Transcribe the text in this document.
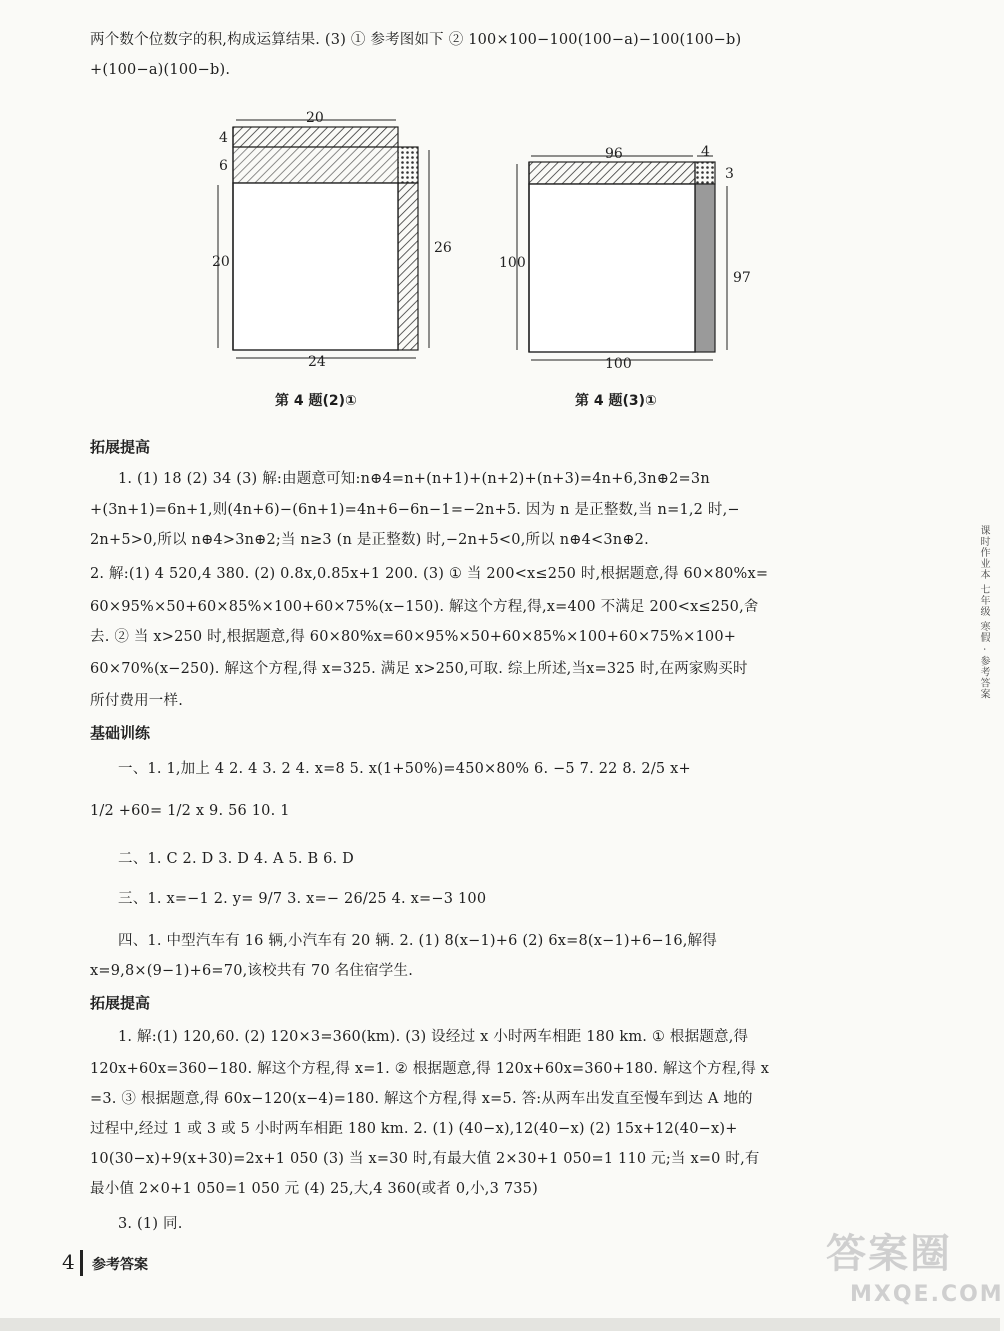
两个数个位数字的积,构成运算结果. (3) ① 参考图如下 ② 100×100−100(100−a)−100(100−b)
+(100−a)(100−b).
20
4
6
20
26
24
第 4 题(2)①
96	4
3
100
97
100
第 4 题(3)①
拓展提高
1. (1) 18 (2) 34 (3) 解:由题意可知:n⊕4=n+(n+1)+(n+2)+(n+3)=4n+6,3n⊕2=3n
+(3n+1)=6n+1,则(4n+6)−(6n+1)=4n+6−6n−1=−2n+5. 因为 n 是正整数,当 n=1,2 时,−
2n+5>0,所以 n⊕4>3n⊕2;当 n≥3 (n 是正整数) 时,−2n+5<0,所以 n⊕4<3n⊕2.
2. 解:(1) 4 520,4 380. (2) 0.8x,0.85x+1 200. (3) ① 当 200<x≤250 时,根据题意,得 60×80%x=
60×95%×50+60×85%×100+60×75%(x−150). 解这个方程,得,x=400 不满足 200<x≤250,舍
去. ② 当 x>250 时,根据题意,得 60×80%x=60×95%×50+60×85%×100+60×75%×100+
60×70%(x−250). 解这个方程,得 x=325. 满足 x>250,可取. 综上所述,当x=325 时,在两家购买时
所付费用一样.
基础训练
一、1. 1,加上 4 2. 4 3. 2 4. x=8 5. x(1+50%)=450×80% 6. −5 7. 22 8. 2/5 x+
1/2 +60= 1/2 x 9. 56 10. 1
二、1. C 2. D 3. D 4. A 5. B 6. D
三、1. x=−1 2. y= 9/7 3. x=− 26/25 4. x=−3 100
四、1. 中型汽车有 16 辆,小汽车有 20 辆. 2. (1) 8(x−1)+6 (2) 6x=8(x−1)+6−16,解得
x=9,8×(9−1)+6=70,该校共有 70 名住宿学生.
拓展提高
1. 解:(1) 120,60. (2) 120×3=360(km). (3) 设经过 x 小时两车相距 180 km. ① 根据题意,得
120x+60x=360−180. 解这个方程,得 x=1. ② 根据题意,得 120x+60x=360+180. 解这个方程,得 x
=3. ③ 根据题意,得 60x−120(x−4)=180. 解这个方程,得 x=5. 答:从两车出发直至慢车到达 A 地的
过程中,经过 1 或 3 或 5 小时两车相距 180 km. 2. (1) (40−x),12(40−x) (2) 15x+12(40−x)+
10(30−x)+9(x+30)=2x+1 050 (3) 当 x=30 时,有最大值 2×30+1 050=1 110 元;当 x=0 时,有
最小值 2×0+1 050=1 050 元 (4) 25,大,4 360(或者 0,小,3 735)
3. (1) 同.
课时作业本 七年级 寒假 · 参考答案
4 参考答案	答案圈
MXQE.COM
